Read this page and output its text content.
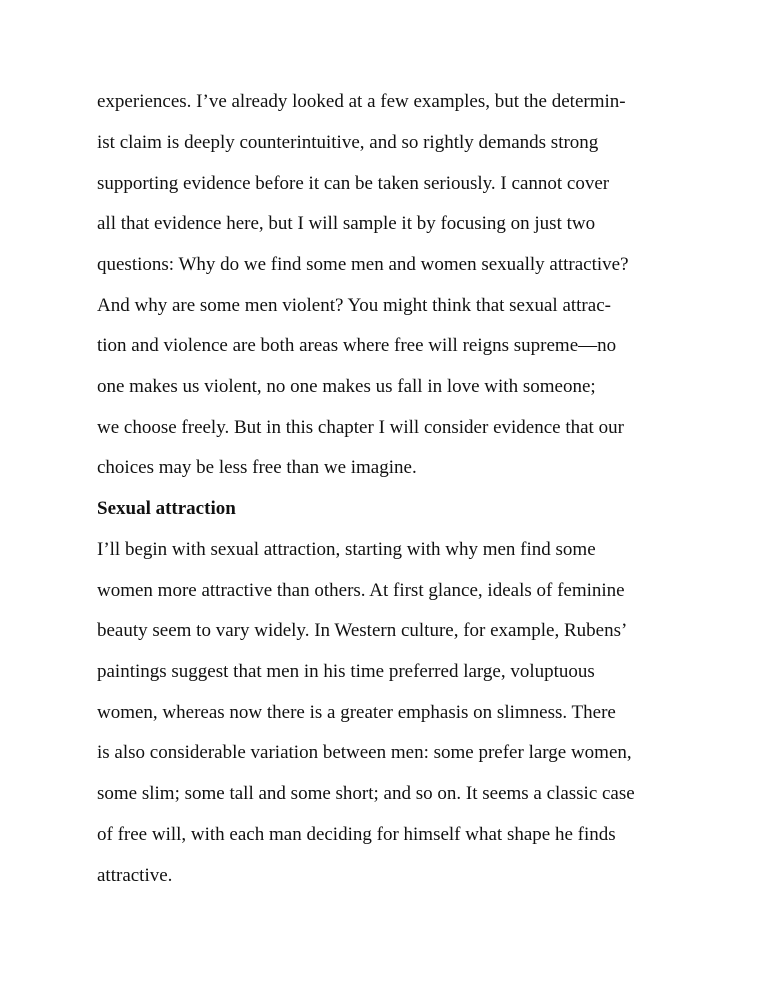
experiences. I’ve already looked at a few examples, but the determin-
ist claim is deeply counterintuitive, and so rightly demands strong
supporting evidence before it can be taken seriously. I cannot cover
all that evidence here, but I will sample it by focusing on just two
questions: Why do we find some men and women sexually attractive?
And why are some men violent? You might think that sexual attrac-
tion and violence are both areas where free will reigns supreme—no
one makes us violent, no one makes us fall in love with someone;
we choose freely. But in this chapter I will consider evidence that our
choices may be less free than we imagine.
Sexual attraction
I’ll begin with sexual attraction, starting with why men find some
women more attractive than others. At first glance, ideals of feminine
beauty seem to vary widely. In Western culture, for example, Rubens’
paintings suggest that men in his time preferred large, voluptuous
women, whereas now there is a greater emphasis on slimness. There
is also considerable variation between men: some prefer large women,
some slim; some tall and some short; and so on. It seems a classic case
of free will, with each man deciding for himself what shape he finds
attractive.
